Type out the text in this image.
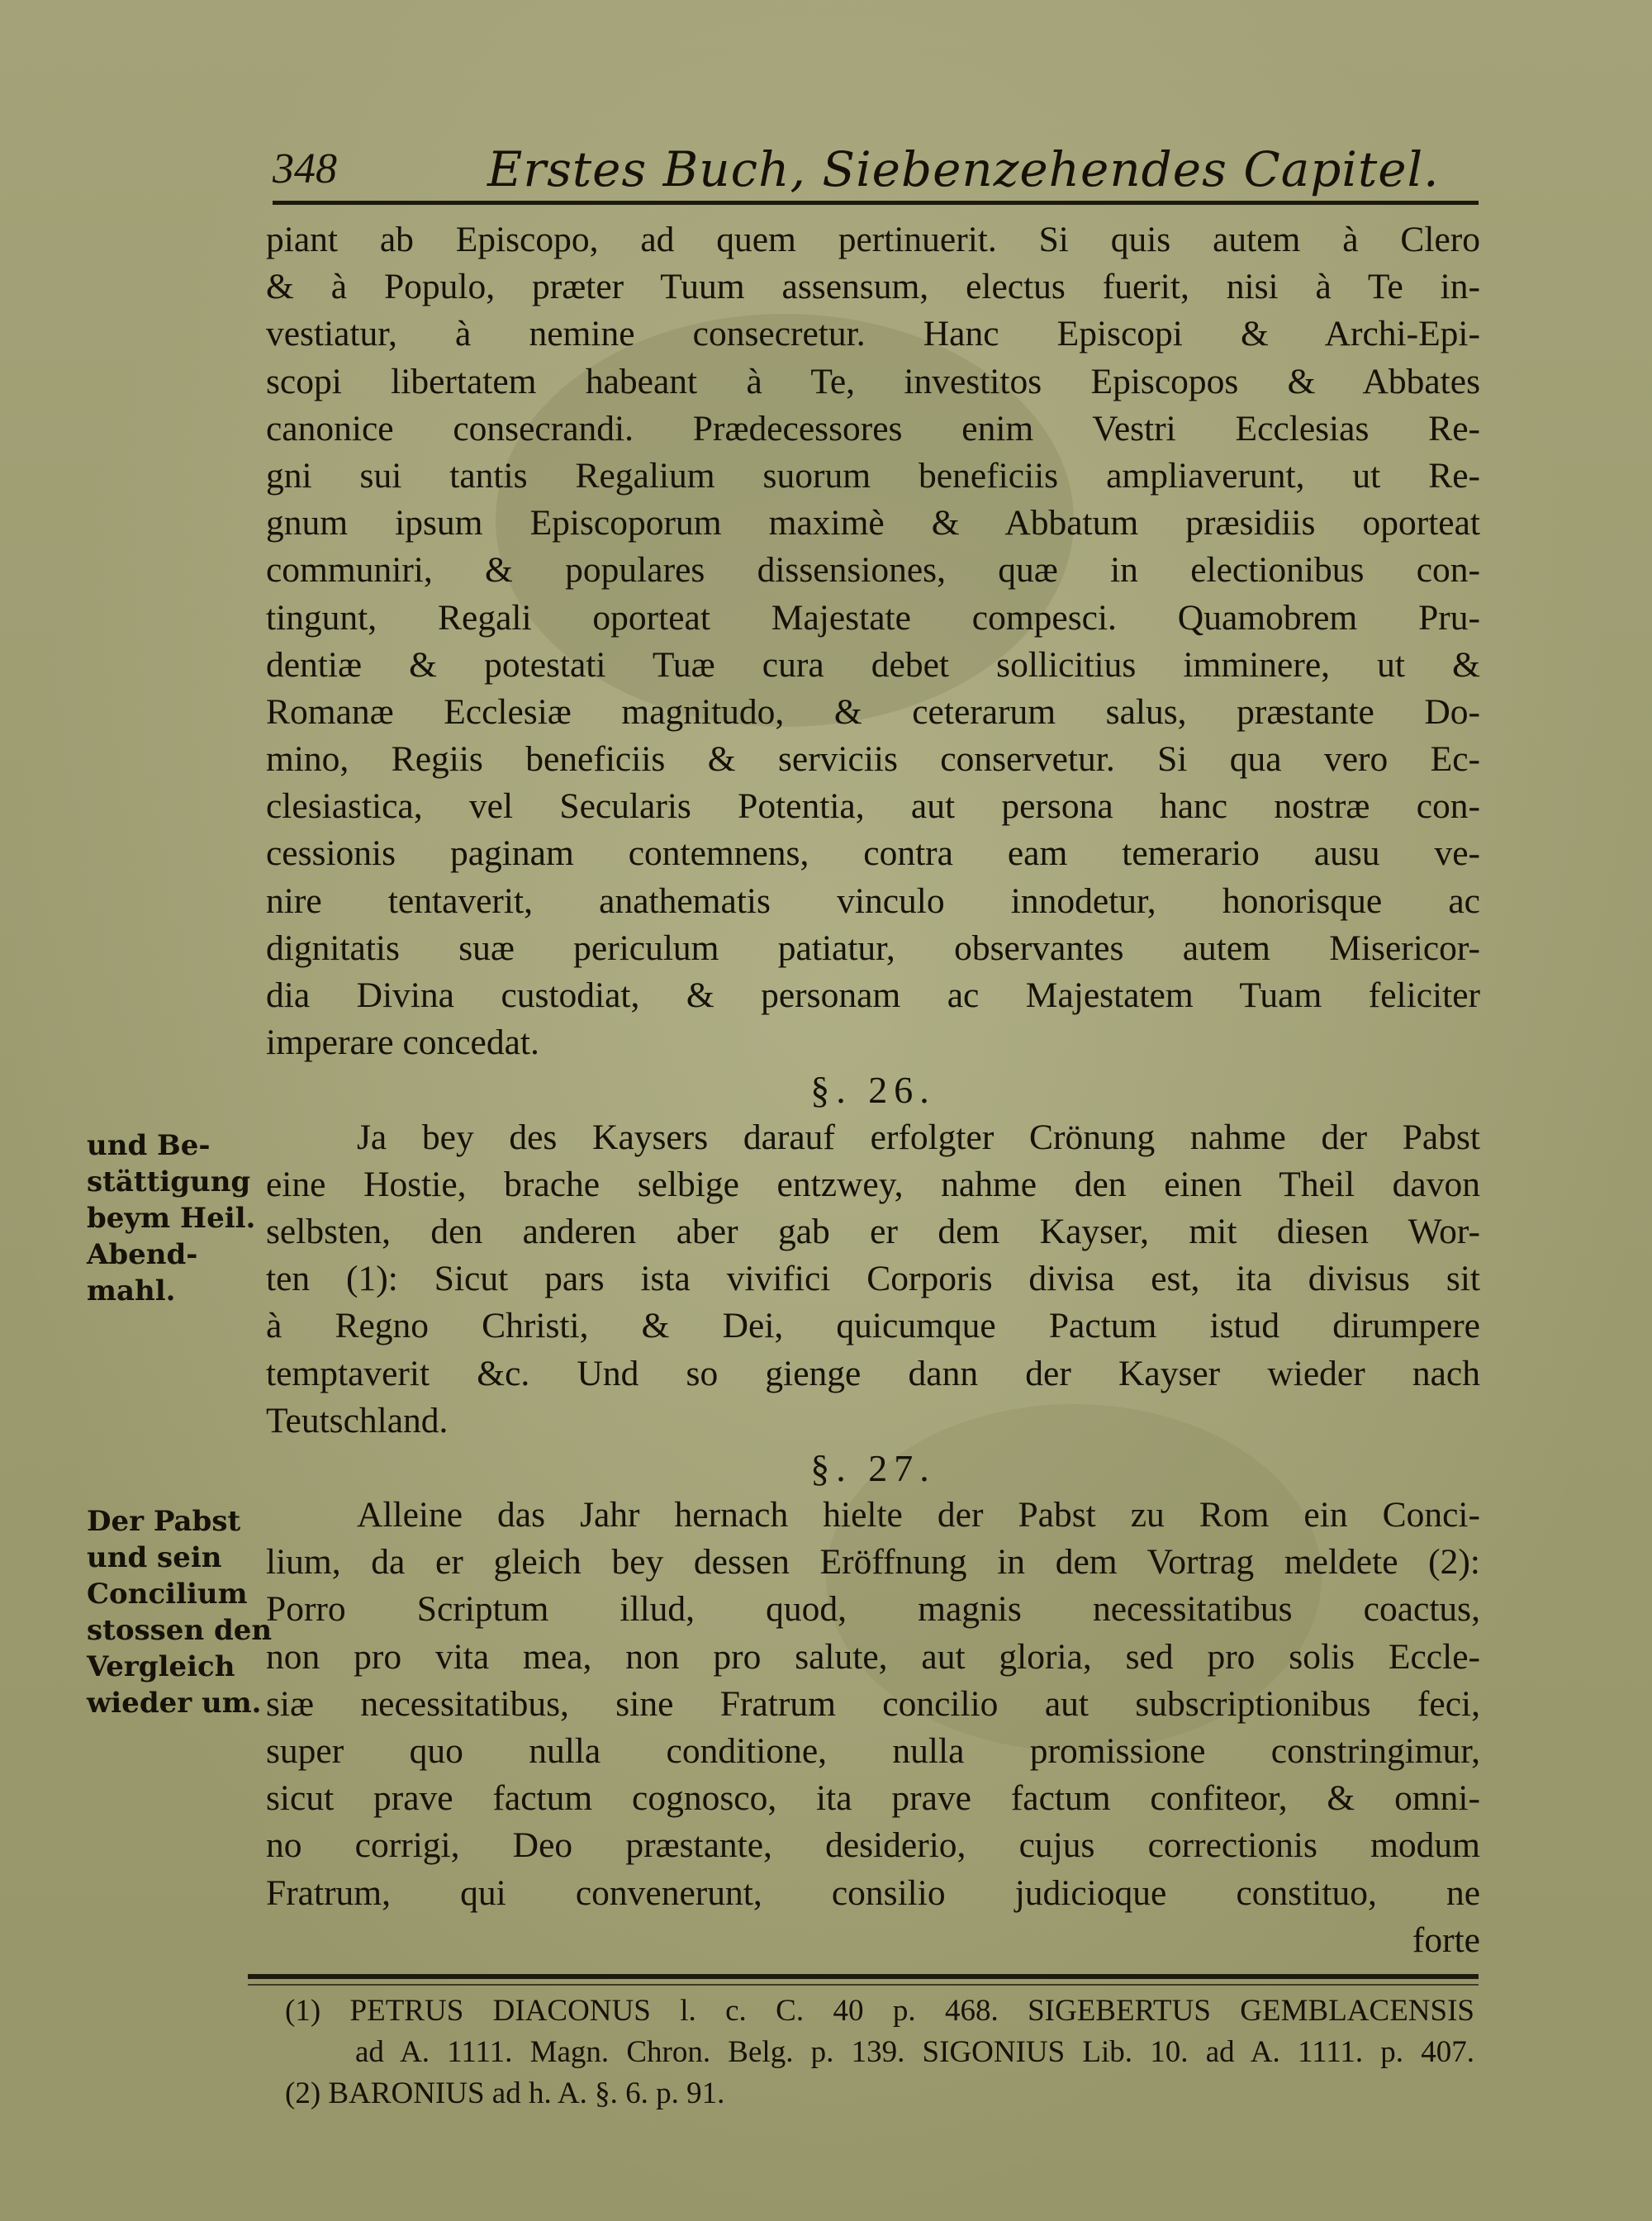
348	Erstes Buch, Siebenzehendes Capitel.
piant ab Episcopo, ad quem pertinuerit. Si quis autem à Clero
& à Populo, præter Tuum assensum, electus fuerit, nisi à Te in-
vestiatur, à nemine consecretur. Hanc Episcopi & Archi-Epi-
scopi libertatem habeant à Te, investitos Episcopos & Abbates
canonice consecrandi. Prædecessores enim Vestri Ecclesias Re-
gni sui tantis Regalium suorum beneficiis ampliaverunt, ut Re-
gnum ipsum Episcoporum maximè & Abbatum præsidiis oporteat
communiri, & populares dissensiones, quæ in electionibus con-
tingunt, Regali oporteat Majestate compesci. Quamobrem Pru-
dentiæ & potestati Tuæ cura debet sollicitius imminere, ut &
Romanæ Ecclesiæ magnitudo, & ceterarum salus, præstante Do-
mino, Regiis beneficiis & serviciis conservetur. Si qua vero Ec-
clesiastica, vel Secularis Potentia, aut persona hanc nostræ con-
cessionis paginam contemnens, contra eam temerario ausu ve-
nire tentaverit, anathematis vinculo innodetur, honorisque ac
dignitatis suæ periculum patiatur, observantes autem Misericor-
dia Divina custodiat, & personam ac Majestatem Tuam feliciter
imperare concedat.
§. 26.
Ja bey des Kaysers darauf erfolgter Crönung nahme der Pabst
eine Hostie, brache selbige entzwey, nahme den einen Theil davon
selbsten, den anderen aber gab er dem Kayser, mit diesen Wor-
ten (1): Sicut pars ista vivifici Corporis divisa est, ita divisus sit
à Regno Christi, & Dei, quicumque Pactum istud dirumpere
temptaverit &c. Und so gienge dann der Kayser wieder nach
Teutschland.
§. 27.
Alleine das Jahr hernach hielte der Pabst zu Rom ein Conci-
lium, da er gleich bey dessen Eröffnung in dem Vortrag meldete (2):
Porro Scriptum illud, quod, magnis necessitatibus coactus,
non pro vita mea, non pro salute, aut gloria, sed pro solis Eccle-
siæ necessitatibus, sine Fratrum concilio aut subscriptionibus feci,
super quo nulla conditione, nulla promissione constringimur,
sicut prave factum cognosco, ita prave factum confiteor, & omni-
no corrigi, Deo præstante, desiderio, cujus correctionis modum
Fratrum, qui convenerunt, consilio judicioque constituo, ne
forte
und Be-
stättigung
beym Heil.
Abend-
mahl.
Der Pabst
und sein
Concilium
stossen den
Vergleich
wieder um.
(1) PETRUS DIACONUS l. c. C. 40 p. 468. SIGEBERTUS GEMBLACENSIS
ad A. 1111. Magn. Chron. Belg. p. 139. SIGONIUS Lib. 10. ad A. 1111. p. 407.
(2) BARONIUS ad h. A. §. 6. p. 91.
